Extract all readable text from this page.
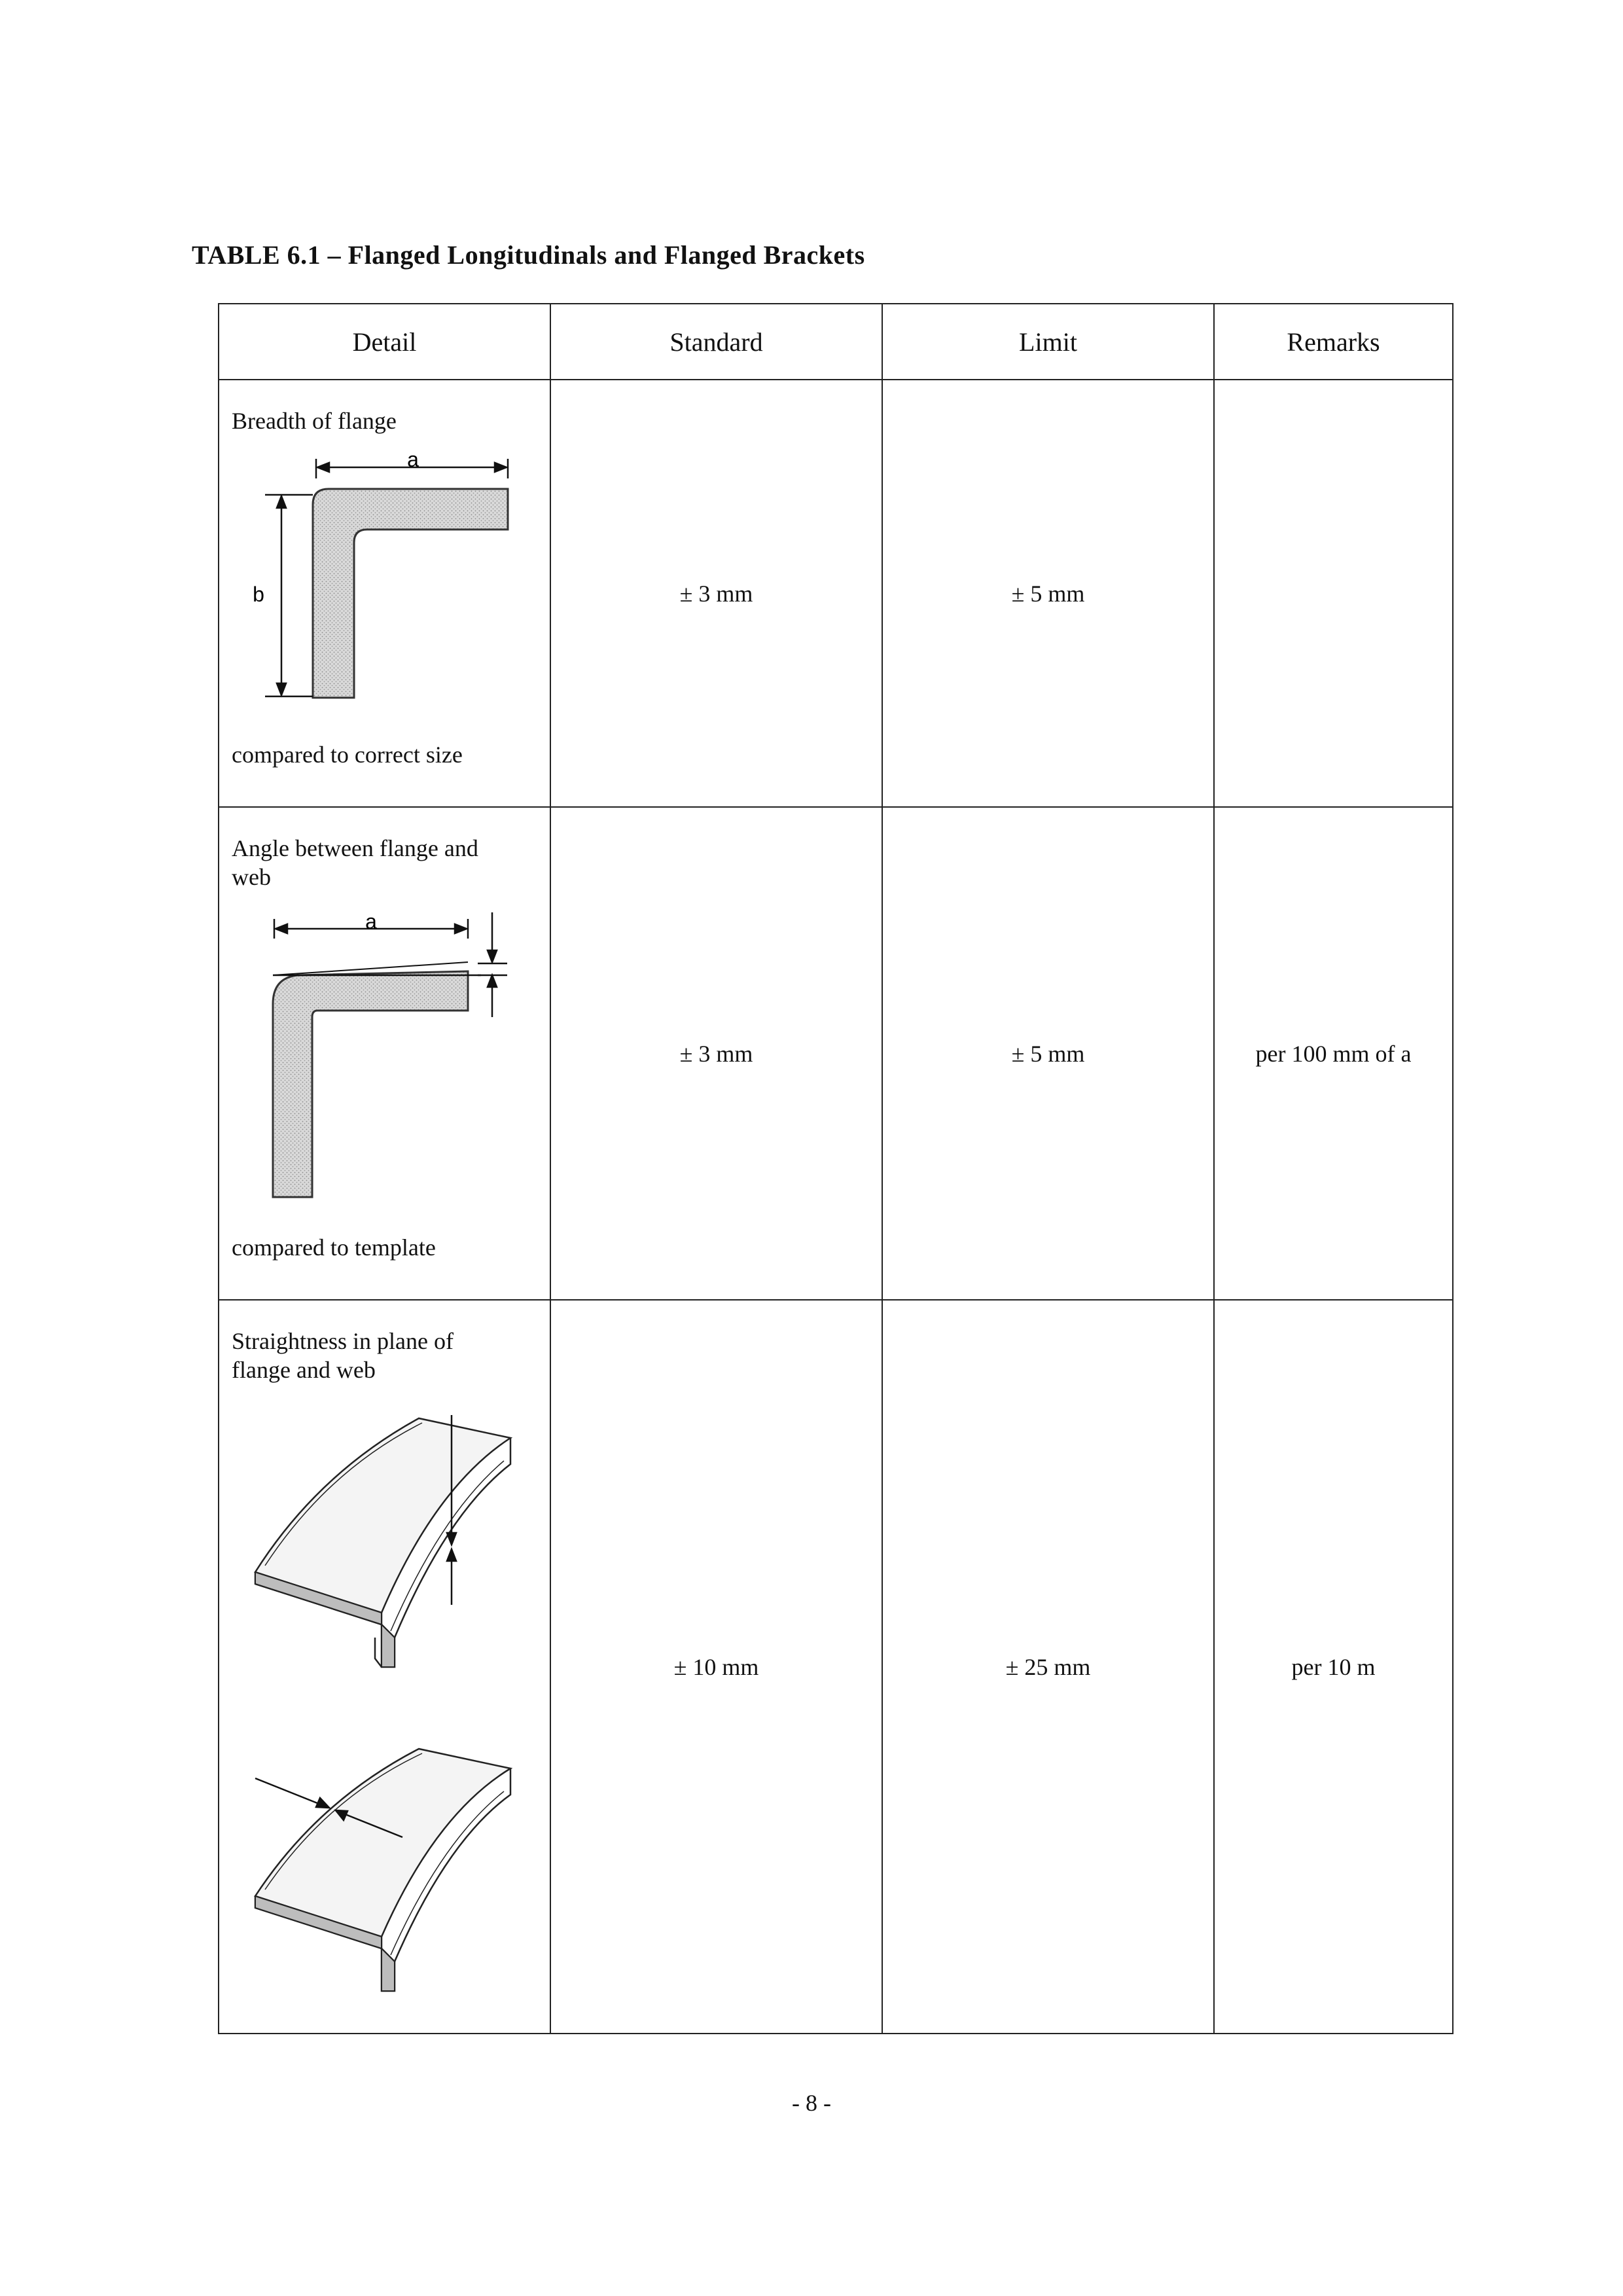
TABLE 6.1 – Flanged Longitudinals and Flanged Brackets
Detail	Standard	Limit	Remarks

Breadth of flange
a
b
compared to correct size	± 3 mm	± 5 mm	

Angle between flange and
web
a
compared to template	± 3 mm	± 5 mm	per 100 mm of a

Straightness in plane of
flange and web	± 10 mm	± 25 mm	per 10 m
- 8 -
